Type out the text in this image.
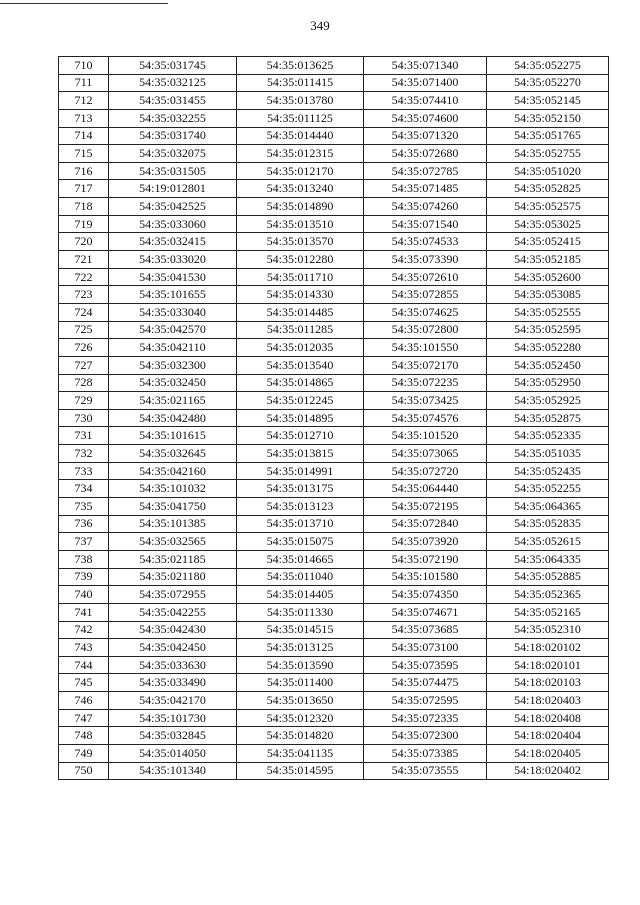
349
710	54:35:031745	54:35:013625	54:35:071340	54:35:052275
711	54:35:032125	54:35:011415	54:35:071400	54:35:052270
712	54:35:031455	54:35:013780	54:35:074410	54:35:052145
713	54:35:032255	54:35:011125	54:35:074600	54:35:052150
714	54:35:031740	54:35:014440	54:35:071320	54:35:051765
715	54:35:032075	54:35:012315	54:35:072680	54:35:052755
716	54:35:031505	54:35:012170	54:35:072785	54:35:051020
717	54:19:012801	54:35:013240	54:35:071485	54:35:052825
718	54:35:042525	54:35:014890	54:35:074260	54:35:052575
719	54:35:033060	54:35:013510	54:35:071540	54:35:053025
720	54:35:032415	54:35:013570	54:35:074533	54:35:052415
721	54:35:033020	54:35:012280	54:35:073390	54:35:052185
722	54:35:041530	54:35:011710	54:35:072610	54:35:052600
723	54:35:101655	54:35:014330	54:35:072855	54:35:053085
724	54:35:033040	54:35:014485	54:35:074625	54:35:052555
725	54:35:042570	54:35:011285	54:35:072800	54:35:052595
726	54:35:042110	54:35:012035	54:35:101550	54:35:052280
727	54:35:032300	54:35:013540	54:35:072170	54:35:052450
728	54:35:032450	54:35:014865	54:35:072235	54:35:052950
729	54:35:021165	54:35:012245	54:35:073425	54:35:052925
730	54:35:042480	54:35:014895	54:35:074576	54:35:052875
731	54:35:101615	54:35:012710	54:35:101520	54:35:052335
732	54:35:032645	54:35:013815	54:35:073065	54:35:051035
733	54:35:042160	54:35:014991	54:35:072720	54:35:052435
734	54:35:101032	54:35:013175	54:35:064440	54:35:052255
735	54:35:041750	54:35:013123	54:35:072195	54:35:064365
736	54:35:101385	54:35:013710	54:35:072840	54:35:052835
737	54:35:032565	54:35:015075	54:35:073920	54:35:052615
738	54:35:021185	54:35:014665	54:35:072190	54:35:064335
739	54:35:021180	54:35:011040	54:35:101580	54:35:052885
740	54:35:072955	54:35:014405	54:35:074350	54:35:052365
741	54:35:042255	54:35:011330	54:35:074671	54:35:052165
742	54:35:042430	54:35:014515	54:35:073685	54:35:052310
743	54:35:042450	54:35:013125	54:35:073100	54:18:020102
744	54:35:033630	54:35:013590	54:35:073595	54:18:020101
745	54:35:033490	54:35:011400	54:35:074475	54:18:020103
746	54:35:042170	54:35:013650	54:35:072595	54:18:020403
747	54:35:101730	54:35:012320	54:35:072335	54:18:020408
748	54:35:032845	54:35:014820	54:35:072300	54:18:020404
749	54:35:014050	54:35:041135	54:35:073385	54:18:020405
750	54:35:101340	54:35:014595	54:35:073555	54:18:020402
